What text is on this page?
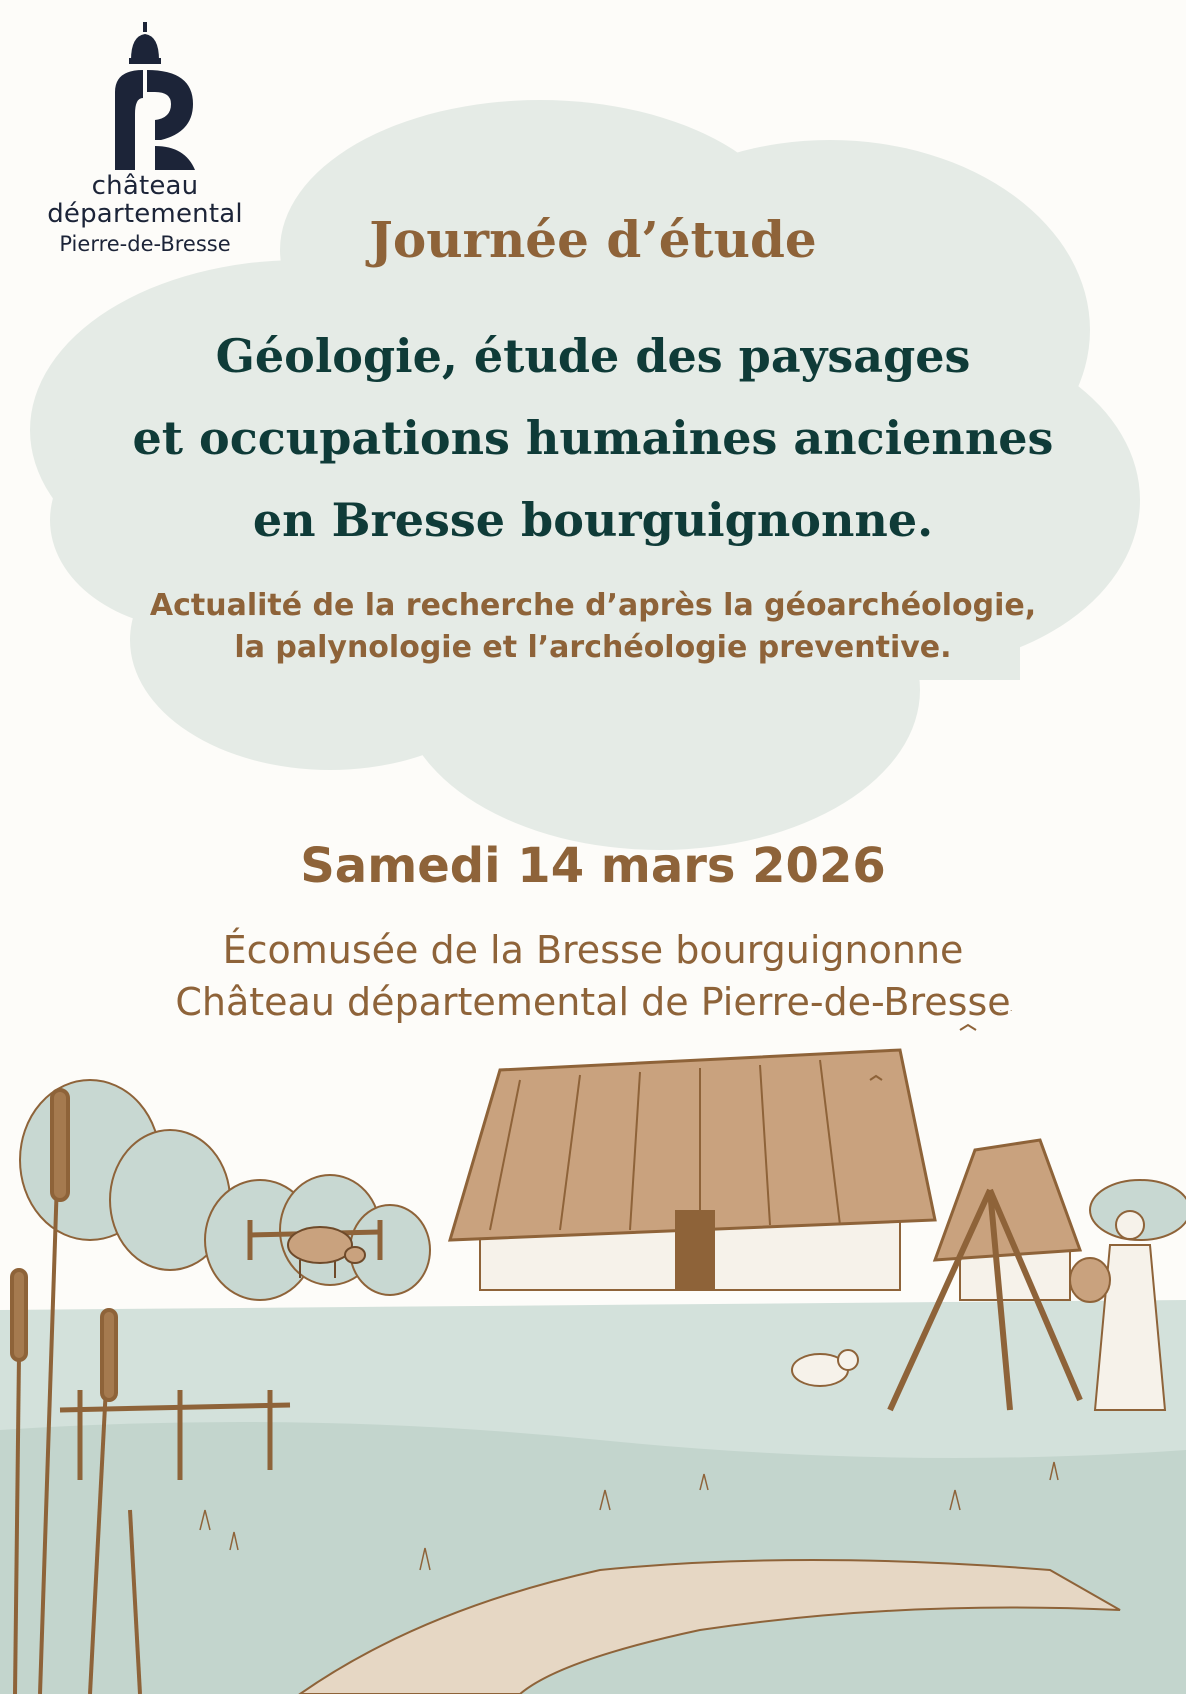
château
départemental
Pierre-de-Bresse	Journée d’étude
Géologie, étude des paysages
et occupations humaines anciennes
en Bresse bourguignonne.
Actualité de la recherche d’après la géoarchéologie,
la palynologie et l’archéologie preventive.
Samedi 14 mars 2026
Écomusée de la Bresse bourguignonne
Château départemental de Pierre-de-Bresse
